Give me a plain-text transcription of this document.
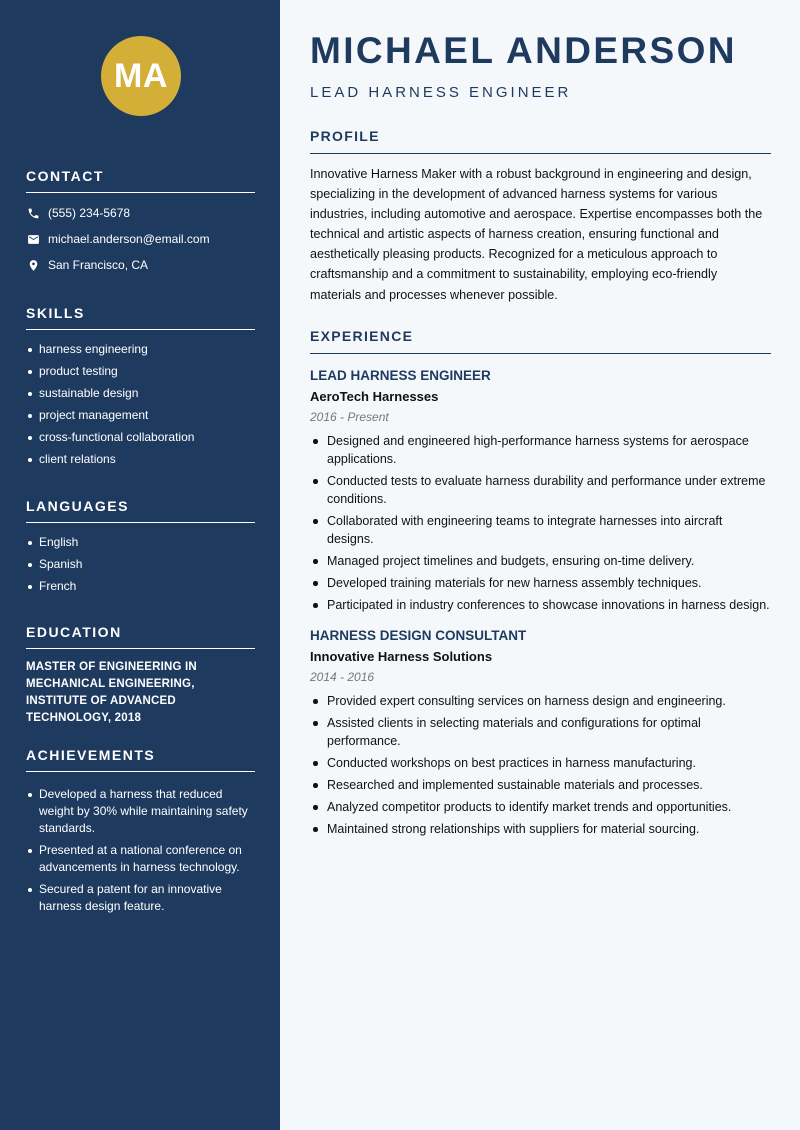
MA
CONTACT
(555) 234-5678
michael.anderson@email.com
San Francisco, CA
SKILLS
harness engineering
product testing
sustainable design
project management
cross-functional collaboration
client relations
LANGUAGES
English
Spanish
French
EDUCATION
MASTER OF ENGINEERING IN MECHANICAL ENGINEERING, INSTITUTE OF ADVANCED TECHNOLOGY, 2018
ACHIEVEMENTS
Developed a harness that reduced weight by 30% while maintaining safety standards.
Presented at a national conference on advancements in harness technology.
Secured a patent for an innovative harness design feature.
MICHAEL ANDERSON
LEAD HARNESS ENGINEER
PROFILE
Innovative Harness Maker with a robust background in engineering and design, specializing in the development of advanced harness systems for various industries, including automotive and aerospace. Expertise encompasses both the technical and artistic aspects of harness creation, ensuring functional and aesthetically pleasing products. Recognized for a meticulous approach to craftsmanship and a commitment to sustainability, employing eco-friendly materials and processes whenever possible.
EXPERIENCE
LEAD HARNESS ENGINEER
AeroTech Harnesses
2016 - Present
Designed and engineered high-performance harness systems for aerospace applications.
Conducted tests to evaluate harness durability and performance under extreme conditions.
Collaborated with engineering teams to integrate harnesses into aircraft designs.
Managed project timelines and budgets, ensuring on-time delivery.
Developed training materials for new harness assembly techniques.
Participated in industry conferences to showcase innovations in harness design.
HARNESS DESIGN CONSULTANT
Innovative Harness Solutions
2014 - 2016
Provided expert consulting services on harness design and engineering.
Assisted clients in selecting materials and configurations for optimal performance.
Conducted workshops on best practices in harness manufacturing.
Researched and implemented sustainable materials and processes.
Analyzed competitor products to identify market trends and opportunities.
Maintained strong relationships with suppliers for material sourcing.
